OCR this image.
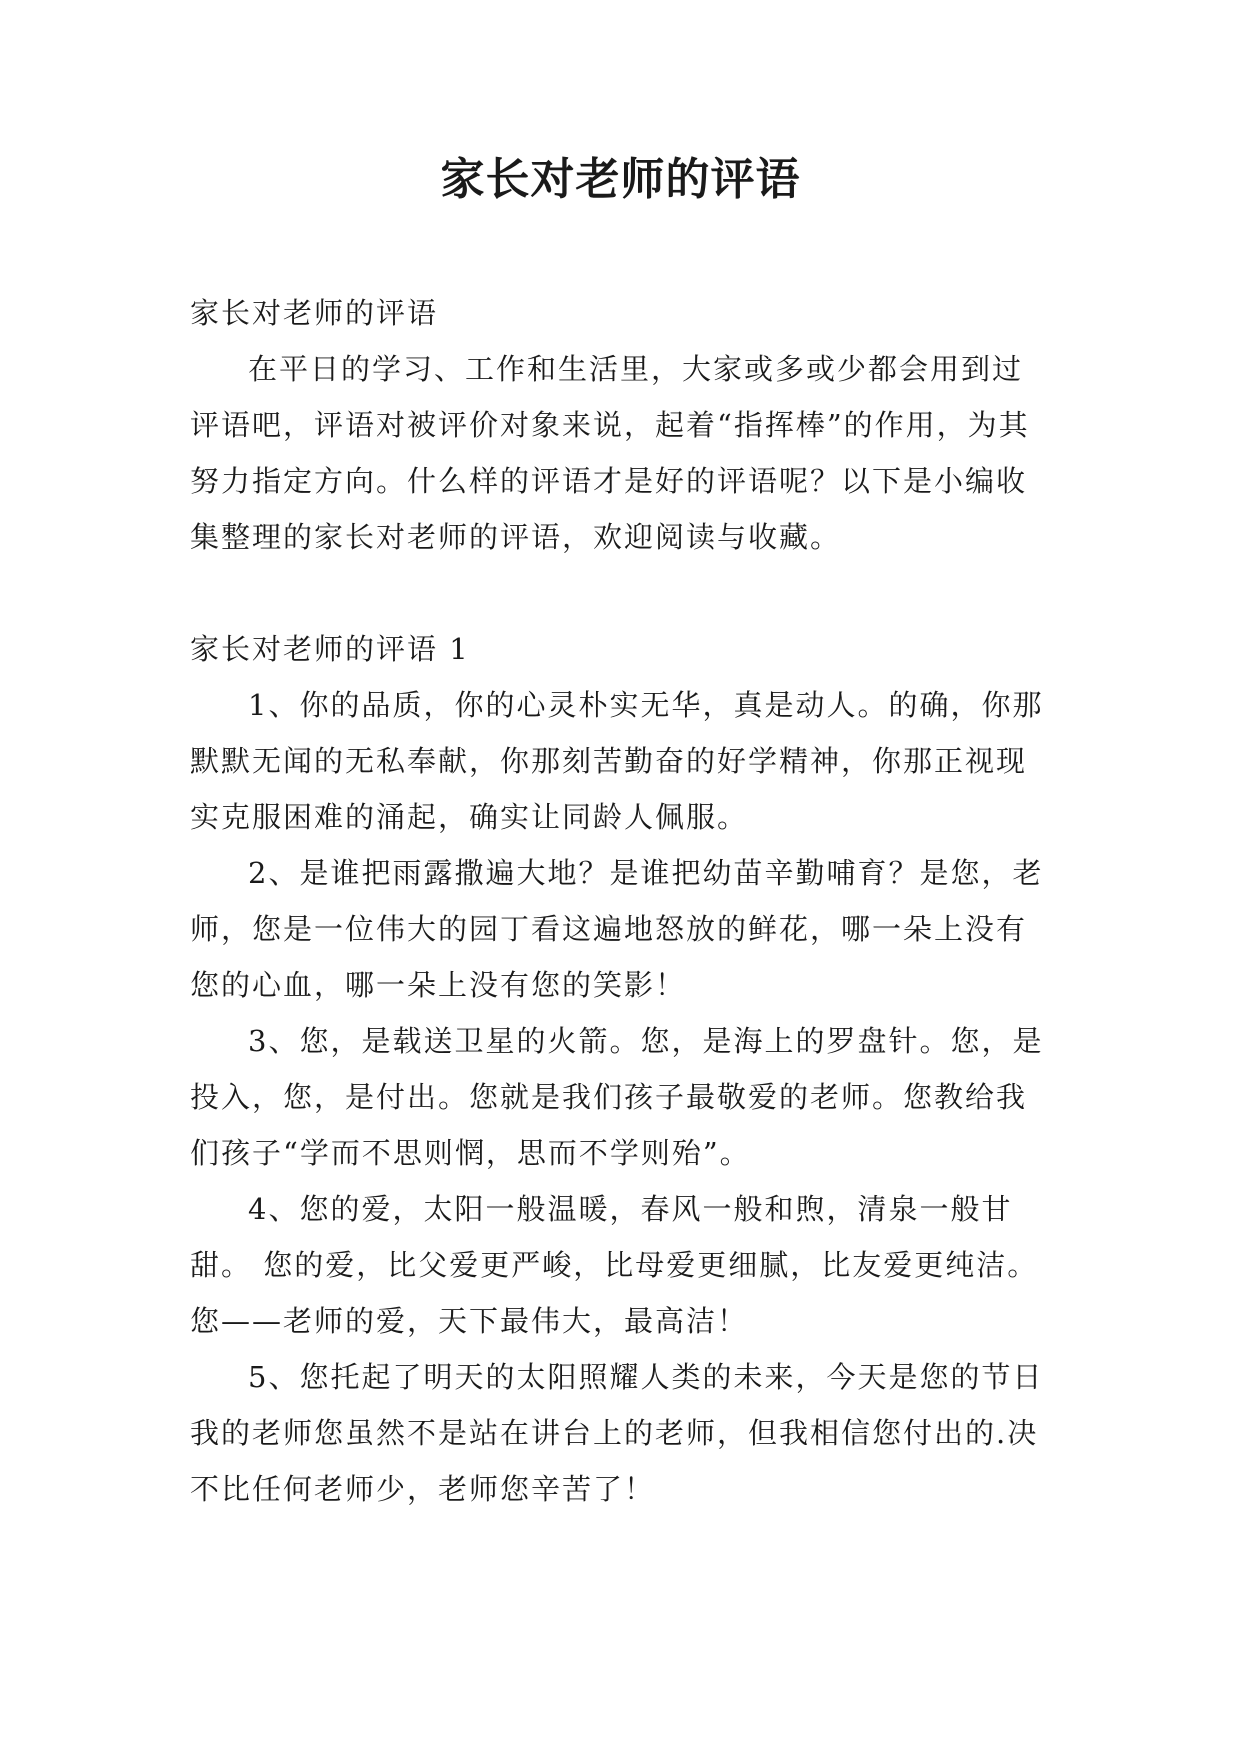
家长对老师的评语

家长对老师的评语

在平日的学习、工作和生活里，大家或多或少都会用到过评语吧，评语对被评价对象来说，起着“指挥棒”的作用，为其努力指定方向。什么样的评语才是好的评语呢？以下是小编收集整理的家长对老师的评语，欢迎阅读与收藏。

家长对老师的评语 1

1、你的品质，你的心灵朴实无华，真是动人。的确，你那默默无闻的无私奉献，你那刻苦勤奋的好学精神，你那正视现实克服困难的涌起，确实让同龄人佩服。

2、是谁把雨露撒遍大地？是谁把幼苗辛勤哺育？是您，老师，您是一位伟大的园丁看这遍地怒放的鲜花，哪一朵上没有您的心血，哪一朵上没有您的笑影！

3、您，是载送卫星的火箭。您，是海上的罗盘针。您，是投入，您，是付出。您就是我们孩子最敬爱的老师。您教给我们孩子“学而不思则惘，思而不学则殆”。

4、您的爱，太阳一般温暖，春风一般和煦，清泉一般甘甜。 您的爱，比父爱更严峻，比母爱更细腻，比友爱更纯洁。 您——老师的爱，天下最伟大，最高洁！

5、您托起了明天的太阳照耀人类的未来，今天是您的节日我的老师您虽然不是站在讲台上的老师，但我相信您付出的.决不比任何老师少，老师您辛苦了！
